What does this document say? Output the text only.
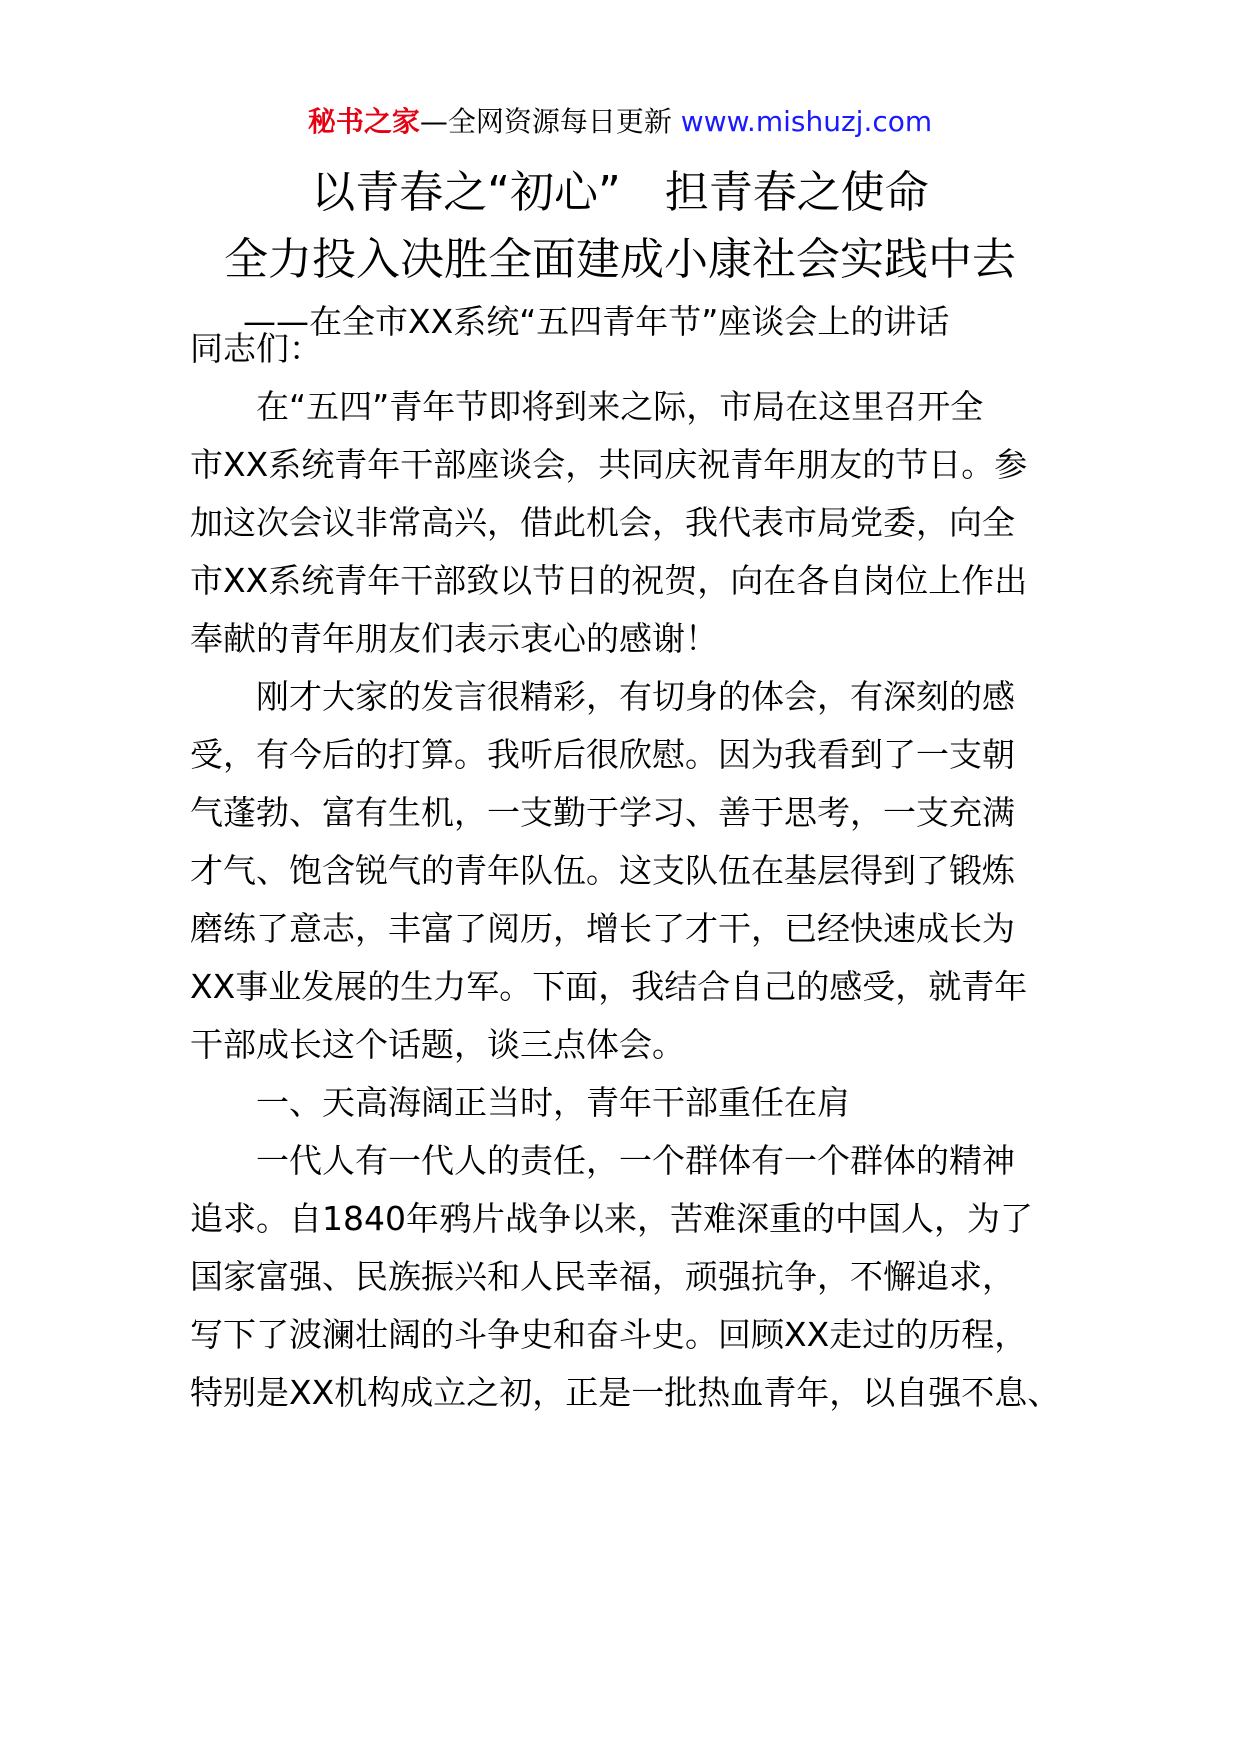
秘书之家—全网资源每日更新 www.mishuzj.com
以青春之“初心”　担青春之使命
全力投入决胜全面建成小康社会实践中去
——在全市XX系统“五四青年节”座谈会上的讲话
同志们：
在“五四”青年节即将到来之际，市局在这里召开全
市XX系统青年干部座谈会，共同庆祝青年朋友的节日。参
加这次会议非常高兴，借此机会，我代表市局党委，向全
市XX系统青年干部致以节日的祝贺，向在各自岗位上作出
奉献的青年朋友们表示衷心的感谢！
刚才大家的发言很精彩，有切身的体会，有深刻的感
受，有今后的打算。我听后很欣慰。因为我看到了一支朝
气蓬勃、富有生机，一支勤于学习、善于思考，一支充满
才气、饱含锐气的青年队伍。这支队伍在基层得到了锻炼
磨练了意志，丰富了阅历，增长了才干，已经快速成长为
XX事业发展的生力军。下面，我结合自己的感受，就青年
干部成长这个话题，谈三点体会。
一、天高海阔正当时，青年干部重任在肩
一代人有一代人的责任，一个群体有一个群体的精神
追求。自1840年鸦片战争以来，苦难深重的中国人，为了
国家富强、民族振兴和人民幸福，顽强抗争，不懈追求，
写下了波澜壮阔的斗争史和奋斗史。回顾XX走过的历程，
特别是XX机构成立之初，正是一批热血青年，以自强不息、
